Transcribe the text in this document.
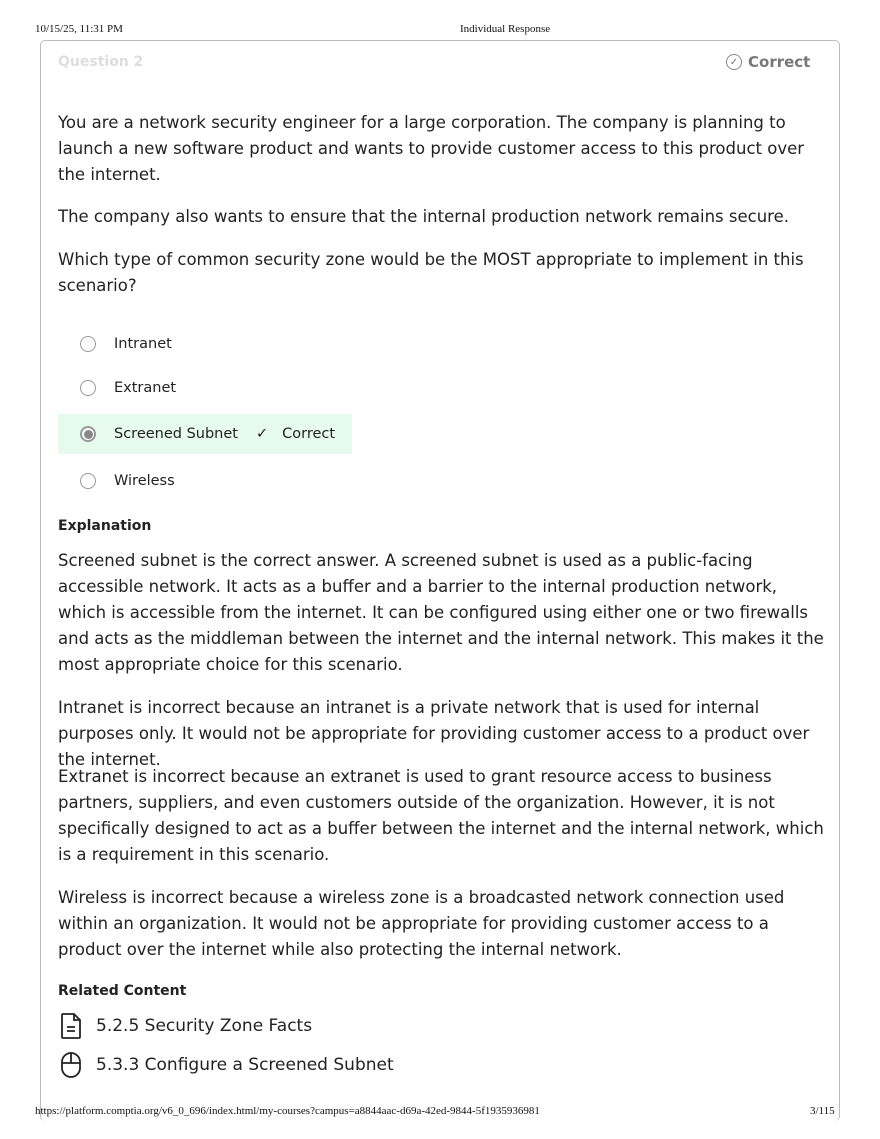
10/15/25, 11:31 PM	Individual Response
Question 2	✓ Correct
You are a network security engineer for a large corporation. The company is planning to launch a new software product and wants to provide customer access to this product over the internet.
The company also wants to ensure that the internal production network remains secure.
Which type of common security zone would be the MOST appropriate to implement in this scenario?
Intranet
Extranet
Screened Subnet ✓ Correct
Wireless
Explanation
Screened subnet is the correct answer. A screened subnet is used as a public-facing accessible network. It acts as a buffer and a barrier to the internal production network, which is accessible from the internet. It can be configured using either one or two firewalls and acts as the middleman between the internet and the internal network. This makes it the most appropriate choice for this scenario.
Intranet is incorrect because an intranet is a private network that is used for internal purposes only. It would not be appropriate for providing customer access to a product over the internet.
Extranet is incorrect because an extranet is used to grant resource access to business partners, suppliers, and even customers outside of the organization. However, it is not specifically designed to act as a buffer between the internet and the internal network, which is a requirement in this scenario.
Wireless is incorrect because a wireless zone is a broadcasted network connection used within an organization. It would not be appropriate for providing customer access to a product over the internet while also protecting the internal network.
Related Content
5.2.5 Security Zone Facts
5.3.3 Configure a Screened Subnet
https://platform.comptia.org/v6_0_696/index.html/my-courses?campus=a8844aac-d69a-42ed-9844-5f1935936981	3/115
